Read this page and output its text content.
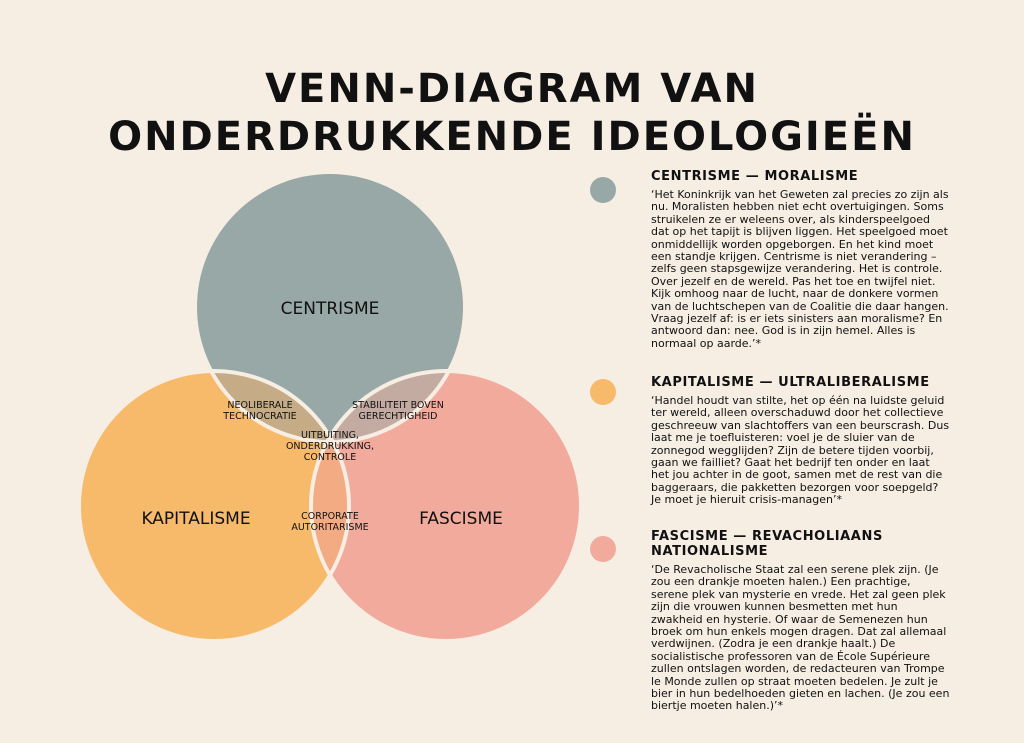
VENN-DIAGRAM VAN
ONDERDRUKKENDE IDEOLOGIEËN
CENTRISME
KAPITALISME	FASCISME
NEOLIBERALE
TECHNOCRATIE
STABILITEIT BOVEN
GERECHTIGHEID
UITBUITING,
ONDERDRUKKING,
CONTROLE
CORPORATE
AUTORITARISME
CENTRISME — MORALISME

‘Het Koninkrijk van het Geweten zal precies zo zijn als nu. Moralisten hebben niet echt overtuigingen. Soms struikelen ze er weleens over, als kinderspeelgoed dat op het tapijt is blijven liggen. Het speelgoed moet onmiddellijk worden opgeborgen. En het kind moet een standje krijgen. Centrisme is niet verandering – zelfs geen stapsgewijze verandering. Het is controle. Over jezelf en de wereld. Pas het toe en twijfel niet. Kijk omhoog naar de lucht, naar de donkere vormen van de luchtschepen van de Coalitie die daar hangen. Vraag jezelf af: is er iets sinisters aan moralisme? En antwoord dan: nee. God is in zijn hemel. Alles is normaal op aarde.’*

KAPITALISME — ULTRALIBERALISME

‘Handel houdt van stilte, het op één na luidste geluid ter wereld, alleen overschaduwd door het collectieve geschreeuw van slachtoffers van een beurscrash. Dus laat me je toefluisteren: voel je de sluier van de zonnegod wegglijden? Zijn de betere tijden voorbij, gaan we failliet? Gaat het bedrijf ten onder en laat het jou achter in de goot, samen met de rest van die baggeraars, die pakketten bezorgen voor soepgeld? Je moet je hieruit crisis-managen’*

FASCISME — REVACHOLIAANS NATIONALISME

‘De Revacholische Staat zal een serene plek zijn. (Je zou een drankje moeten halen.) Een prachtige, serene plek van mysterie en vrede. Het zal geen plek zijn die vrouwen kunnen besmetten met hun zwakheid en hysterie. Of waar de Semenezen hun broek om hun enkels mogen dragen. Dat zal allemaal verdwijnen. (Zodra je een drankje haalt.) De socialistische professoren van de École Supérieure zullen ontslagen worden, de redacteuren van Trompe le Monde zullen op straat moeten bedelen. Je zult je bier in hun bedelhoeden gieten en lachen. (Je zou een biertje moeten halen.)’*
